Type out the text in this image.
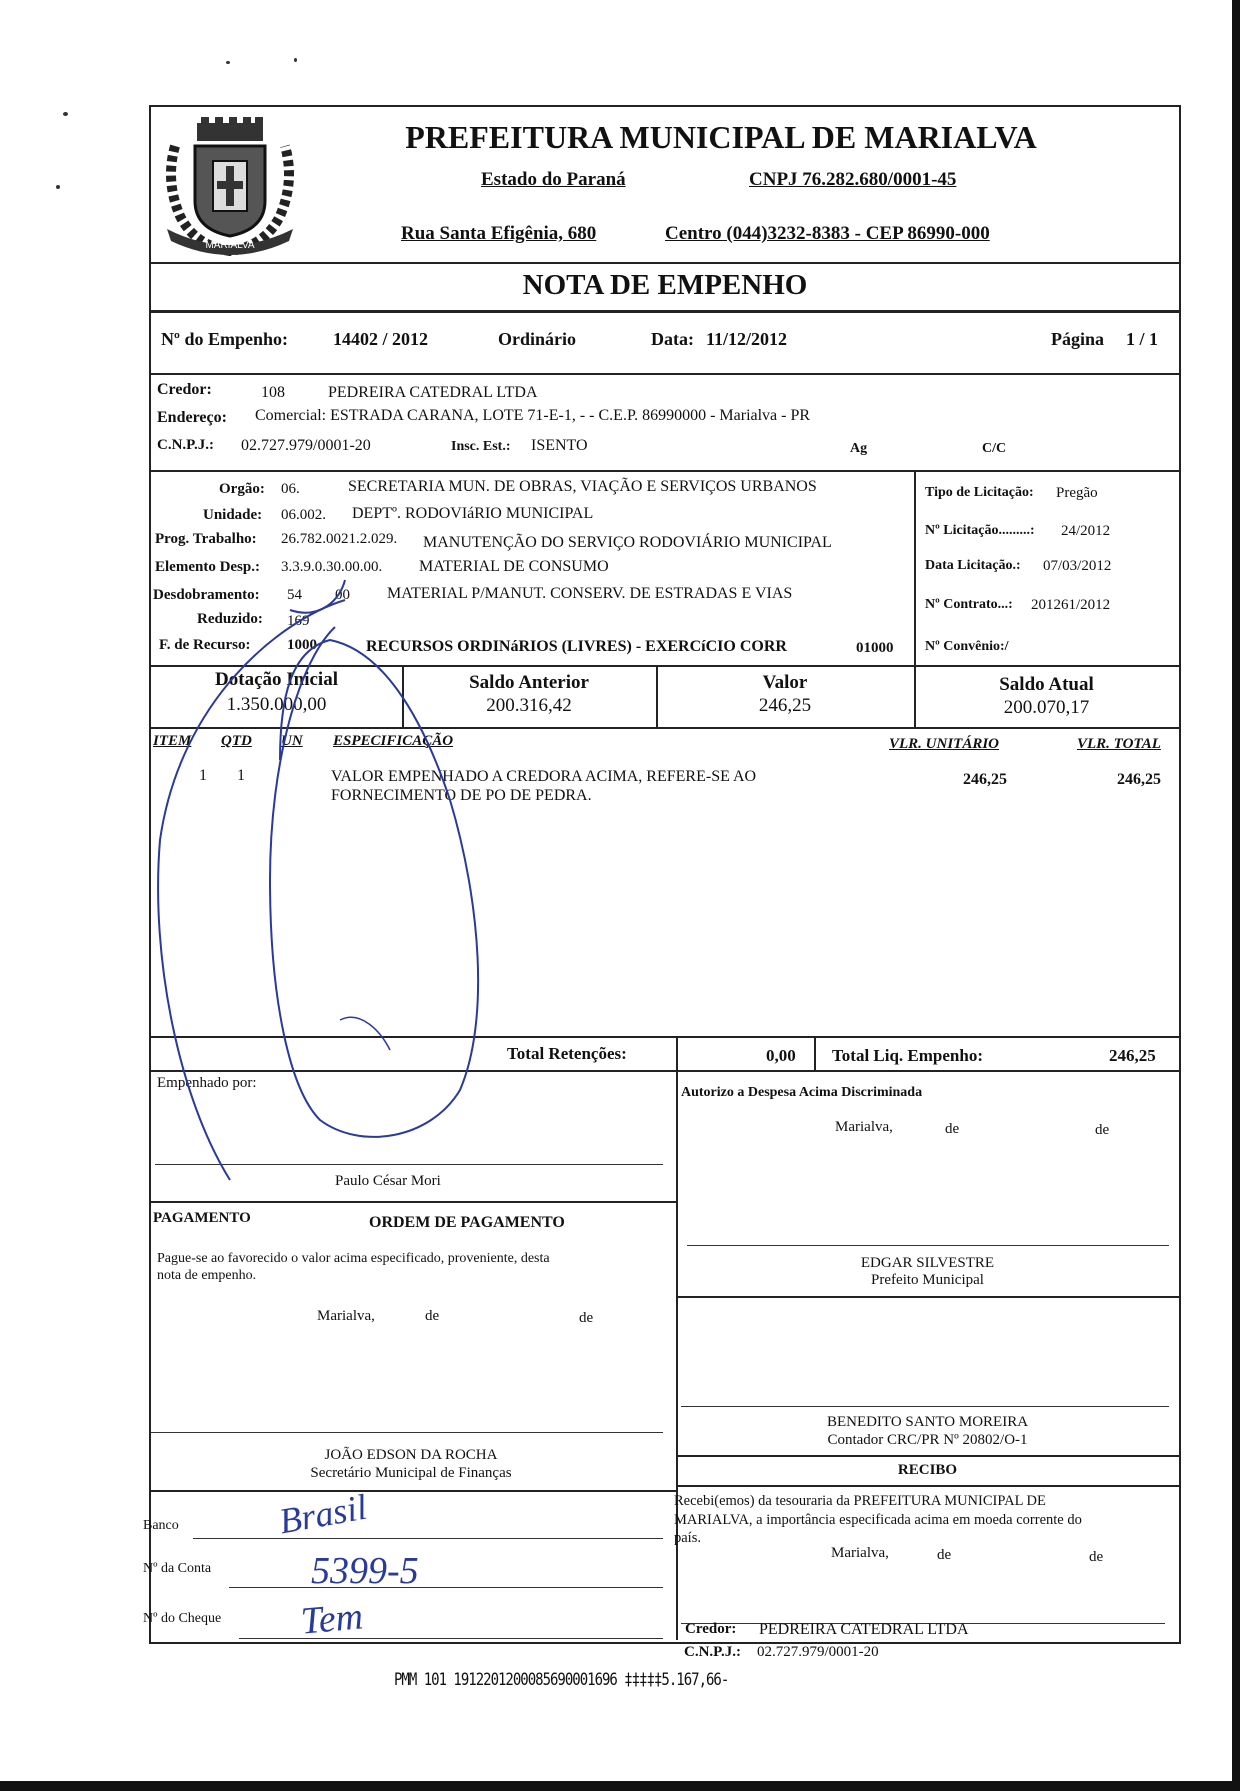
MARIALVA
PREFEITURA MUNICIPAL DE MARIALVA
Estado do Paraná	CNPJ 76.282.680/0001-45
Rua Santa Efigênia, 680	Centro (044)3232-8383 - CEP 86990-000
NOTA DE EMPENHO
Nº do Empenho:	14402 / 2012	Ordinário	Data: 11/12/2012	Página 1 / 1
Credor:	108	PEDREIRA CATEDRAL LTDA
Endereço: Comercial: ESTRADA CARANA, LOTE 71-E-1, - - C.E.P. 86990000 - Marialva - PR
C.N.P.J.: 02.727.979/0001-20	Insc. Est.: ISENTO	Ag	C/C
Orgão: 06.	SECRETARIA MUN. DE OBRAS, VIAÇÃO E SERVIÇOS URBANOS
Unidade: 06.002. DEPTº. RODOVIáRIO MUNICIPAL
Prog. Trabalho: 26.782.0021.2.029. MANUTENÇÃO DO SERVIÇO RODOVIÁRIO MUNICIPAL
Elemento Desp.: 3.3.9.0.30.00.00. MATERIAL DE CONSUMO
Desdobramento: 54 00 MATERIAL P/MANUT. CONSERV. DE ESTRADAS E VIAS
Reduzido: 169
F. de Recurso: 1000	RECURSOS ORDINáRIOS (LIVRES) - EXERCíCIO CORR	01000
Tipo de Licitação: Pregão
Nº Licitação.........: 24/2012
Data Licitação.: 07/03/2012
Nº Contrato...: 201261/2012
Nº Convênio:/
Dotação Inicial
1.350.000,00
Saldo Anterior
200.316,42
Valor
246,25
Saldo Atual
200.070,17
ITEM QTD UN ESPECIFICAÇÃO	VLR. UNITÁRIO	VLR. TOTAL
1 1	VALOR EMPENHADO A CREDORA ACIMA, REFERE-SE AO
FORNECIMENTO DE PO DE PEDRA.
246,25	246,25
Total Retenções:	0,00 Total Liq. Empenho:	246,25
Empenhado por:
Paulo César Mori
PAGAMENTO	ORDEM DE PAGAMENTO
Pague-se ao favorecido o valor acima especificado, proveniente, desta
nota de empenho.
Marialva,	de	de
JOÃO EDSON DA ROCHA
Secretário Municipal de Finanças
Banco
Nº da Conta
Nº do Cheque
Brasil
5399-5
Tem
Autorizo a Despesa Acima Discriminada
Marialva,	de	de
EDGAR SILVESTRE
Prefeito Municipal
BENEDITO SANTO MOREIRA
Contador CRC/PR Nº 20802/O-1
RECIBO
Recebi(emos) da tesouraria da PREFEITURA MUNICIPAL DE
MARIALVA, a importância especificada acima em moeda corrente do
país.
Marialva,	de	de
Credor: PEDREIRA CATEDRAL LTDA
C.N.P.J.: 02.727.979/0001-20
PMM 101 1912201200085690001696 ‡‡‡‡‡5.167,66-
